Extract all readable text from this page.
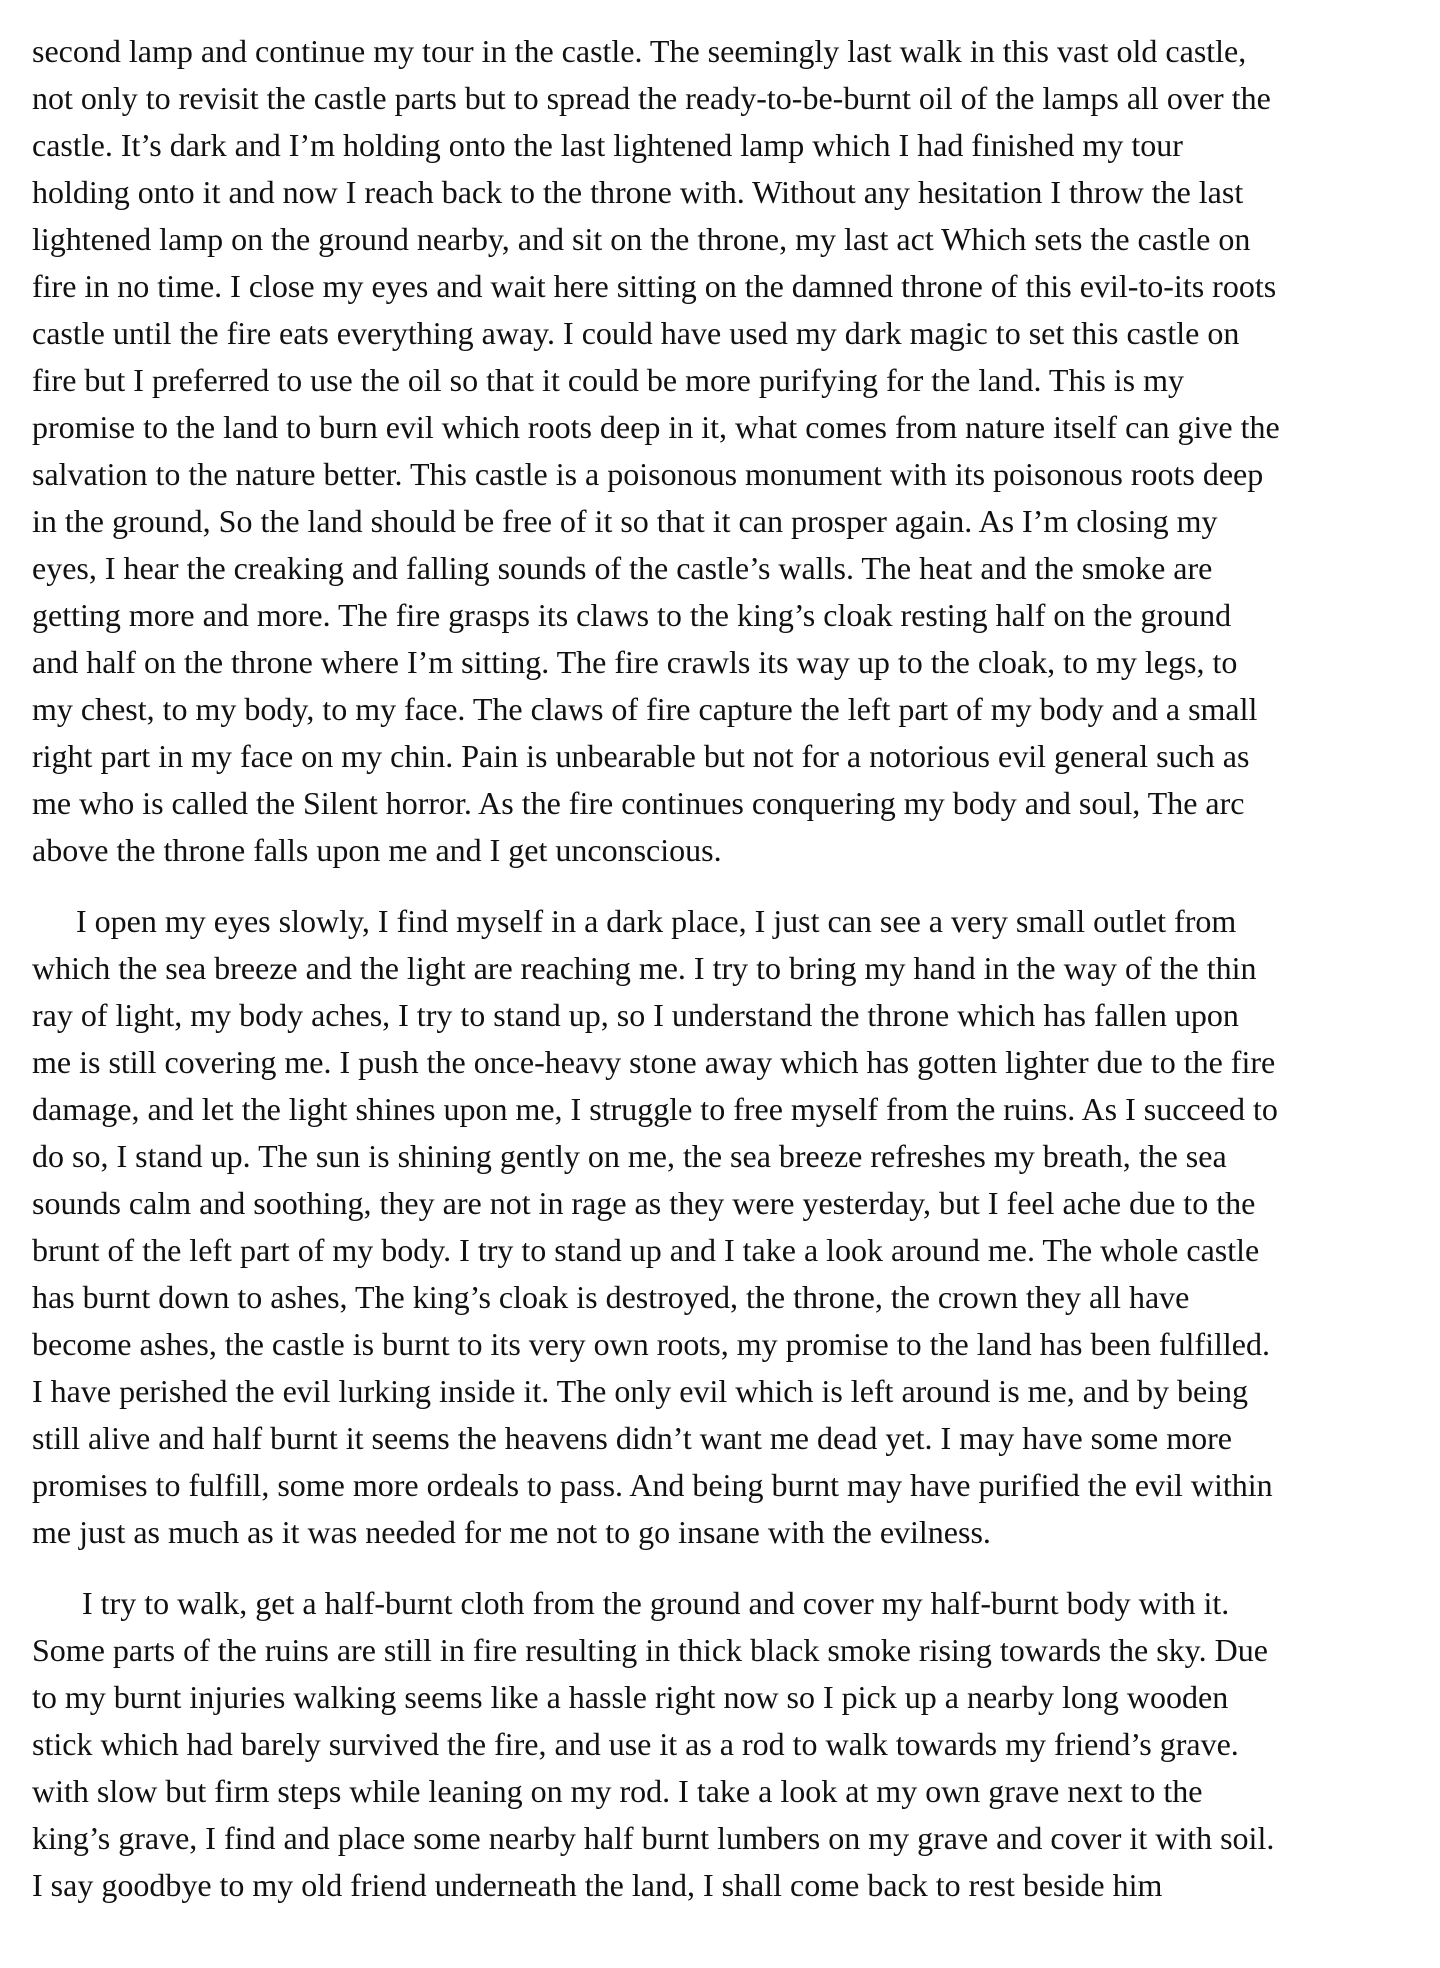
second lamp and continue my tour in the castle. The seemingly last walk in this vast old castle,
not only to revisit the castle parts but to spread the ready-to-be-burnt oil of the lamps all over the
castle. It’s dark and I’m holding onto the last lightened lamp which I had finished my tour
holding onto it and now I reach back to the throne with. Without any hesitation I throw the last
lightened lamp on the ground nearby, and sit on the throne, my last act Which sets the castle on
fire in no time. I close my eyes and wait here sitting on the damned throne of this evil-to-its roots
castle until the fire eats everything away. I could have used my dark magic to set this castle on
fire but I preferred to use the oil so that it could be more purifying for the land. This is my
promise to the land to burn evil which roots deep in it, what comes from nature itself can give the
salvation to the nature better. This castle is a poisonous monument with its poisonous roots deep
in the ground, So the land should be free of it so that it can prosper again. As I’m closing my
eyes, I hear the creaking and falling sounds of the castle’s walls. The heat and the smoke are
getting more and more. The fire grasps its claws to the king’s cloak resting half on the ground
and half on the throne where I’m sitting. The fire crawls its way up to the cloak, to my legs, to
my chest, to my body, to my face. The claws of fire capture the left part of my body and a small
right part in my face on my chin. Pain is unbearable but not for a notorious evil general such as
me who is called the Silent horror. As the fire continues conquering my body and soul, The arc
above the throne falls upon me and I get unconscious.

I open my eyes slowly, I find myself in a dark place, I just can see a very small outlet from
which the sea breeze and the light are reaching me. I try to bring my hand in the way of the thin
ray of light, my body aches, I try to stand up, so I understand the throne which has fallen upon
me is still covering me. I push the once-heavy stone away which has gotten lighter due to the fire
damage, and let the light shines upon me, I struggle to free myself from the ruins. As I succeed to
do so, I stand up. The sun is shining gently on me, the sea breeze refreshes my breath, the sea
sounds calm and soothing, they are not in rage as they were yesterday, but I feel ache due to the
brunt of the left part of my body. I try to stand up and I take a look around me. The whole castle
has burnt down to ashes, The king’s cloak is destroyed, the throne, the crown they all have
become ashes, the castle is burnt to its very own roots, my promise to the land has been fulfilled.
I have perished the evil lurking inside it. The only evil which is left around is me, and by being
still alive and half burnt it seems the heavens didn’t want me dead yet. I may have some more
promises to fulfill, some more ordeals to pass. And being burnt may have purified the evil within
me just as much as it was needed for me not to go insane with the evilness.

I try to walk, get a half-burnt cloth from the ground and cover my half-burnt body with it.
Some parts of the ruins are still in fire resulting in thick black smoke rising towards the sky. Due
to my burnt injuries walking seems like a hassle right now so I pick up a nearby long wooden
stick which had barely survived the fire, and use it as a rod to walk towards my friend’s grave.
with slow but firm steps while leaning on my rod. I take a look at my own grave next to the
king’s grave, I find and place some nearby half burnt lumbers on my grave and cover it with soil.
I say goodbye to my old friend underneath the land, I shall come back to rest beside him
